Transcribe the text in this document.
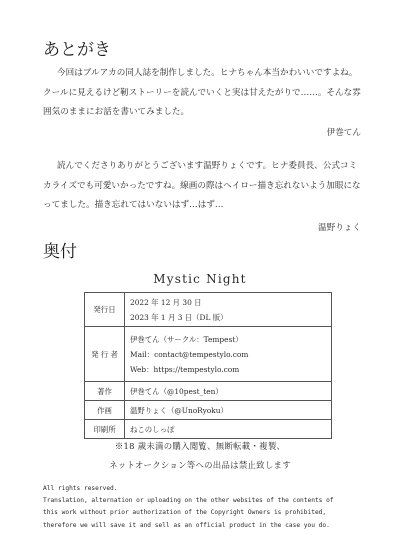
あとがき

今回はブルアカの同人誌を制作しました。ヒナちゃん本当かわいいですよね。クールに見えるけど靭ストーリーを読んでいくと実は甘えたがりで……。そんな雰囲気のままにお話を書いてみました。

伊巻てん

読んでくださりありがとうございます温野りょくです。ヒナ委員長、公式コミカライズでも可愛いかったですね。線画の際はヘイロー描き忘れないよう加眼になってました。描き忘れてはいないはず…はず…

温野りょく
奥付
Mystic Night
発行日	2022 年 12 月 30 日
2023 年 1 月 3 日（DL 版）

発 行 者	伊巻てん（サークル：Tempest）
Mail：contact@tempestylo.com
Web：https://tempestylo.com

著作	伊巻てん（@10pest_ten）
作画	温野りょく（@UnoRyoku）
印刷所	ねこのしっぽ
※18 歳未満の購入閲覧、無断転載・複製、
ネットオークション等への出品は禁止致します
All rights reserved.
Translation, alternation or uploading on the other websites of the contents of
this work without prior authorization of the Copyright Owners is prohibited,
therefore we will save it and sell as an official product in the case you do.
